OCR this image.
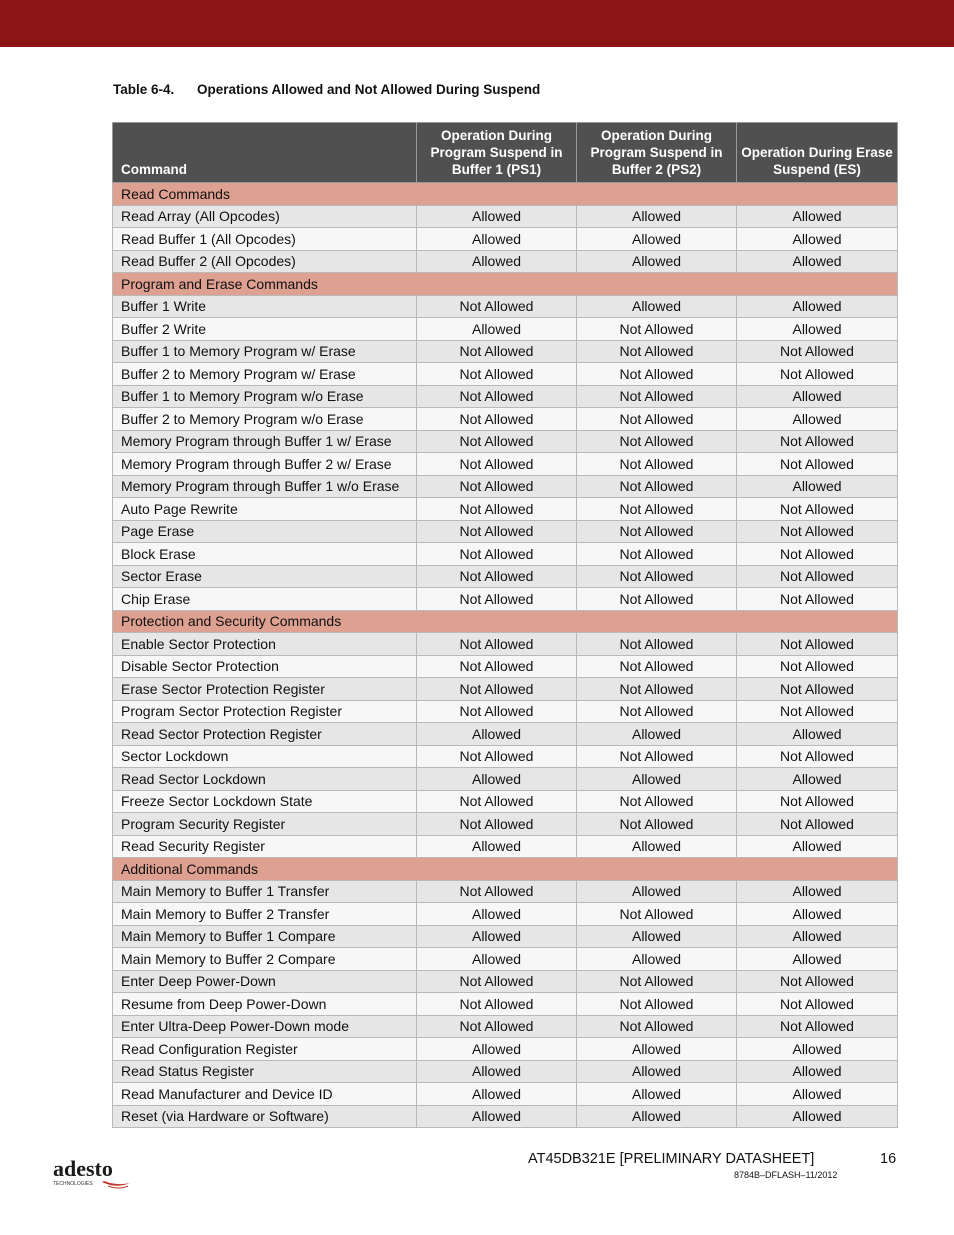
Table 6-4. Operations Allowed and Not Allowed During Suspend
Command	Operation During Program Suspend in Buffer 1 (PS1)	Operation During Program Suspend in Buffer 2 (PS2)	Operation During Erase Suspend (ES)
Read Commands			
Read Array (All Opcodes)	Allowed	Allowed	Allowed
Read Buffer 1 (All Opcodes)	Allowed	Allowed	Allowed
Read Buffer 2 (All Opcodes)	Allowed	Allowed	Allowed
Program and Erase Commands			
Buffer 1 Write	Not Allowed	Allowed	Allowed
Buffer 2 Write	Allowed	Not Allowed	Allowed
Buffer 1 to Memory Program w/ Erase	Not Allowed	Not Allowed	Not Allowed
Buffer 2 to Memory Program w/ Erase	Not Allowed	Not Allowed	Not Allowed
Buffer 1 to Memory Program w/o Erase	Not Allowed	Not Allowed	Allowed
Buffer 2 to Memory Program w/o Erase	Not Allowed	Not Allowed	Allowed
Memory Program through Buffer 1 w/ Erase	Not Allowed	Not Allowed	Not Allowed
Memory Program through Buffer 2 w/ Erase	Not Allowed	Not Allowed	Not Allowed
Memory Program through Buffer 1 w/o Erase	Not Allowed	Not Allowed	Allowed
Auto Page Rewrite	Not Allowed	Not Allowed	Not Allowed
Page Erase	Not Allowed	Not Allowed	Not Allowed
Block Erase	Not Allowed	Not Allowed	Not Allowed
Sector Erase	Not Allowed	Not Allowed	Not Allowed
Chip Erase	Not Allowed	Not Allowed	Not Allowed
Protection and Security Commands			
Enable Sector Protection	Not Allowed	Not Allowed	Not Allowed
Disable Sector Protection	Not Allowed	Not Allowed	Not Allowed
Erase Sector Protection Register	Not Allowed	Not Allowed	Not Allowed
Program Sector Protection Register	Not Allowed	Not Allowed	Not Allowed
Read Sector Protection Register	Allowed	Allowed	Allowed
Sector Lockdown	Not Allowed	Not Allowed	Not Allowed
Read Sector Lockdown	Allowed	Allowed	Allowed
Freeze Sector Lockdown State	Not Allowed	Not Allowed	Not Allowed
Program Security Register	Not Allowed	Not Allowed	Not Allowed
Read Security Register	Allowed	Allowed	Allowed
Additional Commands			
Main Memory to Buffer 1 Transfer	Not Allowed	Allowed	Allowed
Main Memory to Buffer 2 Transfer	Allowed	Not Allowed	Allowed
Main Memory to Buffer 1 Compare	Allowed	Allowed	Allowed
Main Memory to Buffer 2 Compare	Allowed	Allowed	Allowed
Enter Deep Power-Down	Not Allowed	Not Allowed	Not Allowed
Resume from Deep Power-Down	Not Allowed	Not Allowed	Not Allowed
Enter Ultra-Deep Power-Down mode	Not Allowed	Not Allowed	Not Allowed
Read Configuration Register	Allowed	Allowed	Allowed
Read Status Register	Allowed	Allowed	Allowed
Read Manufacturer and Device ID	Allowed	Allowed	Allowed
Reset (via Hardware or Software)	Allowed	Allowed	Allowed
adesto
TECHNOLOGIES
AT45DB321E [PRELIMINARY DATASHEET]	16
8784B–DFLASH–11/2012
